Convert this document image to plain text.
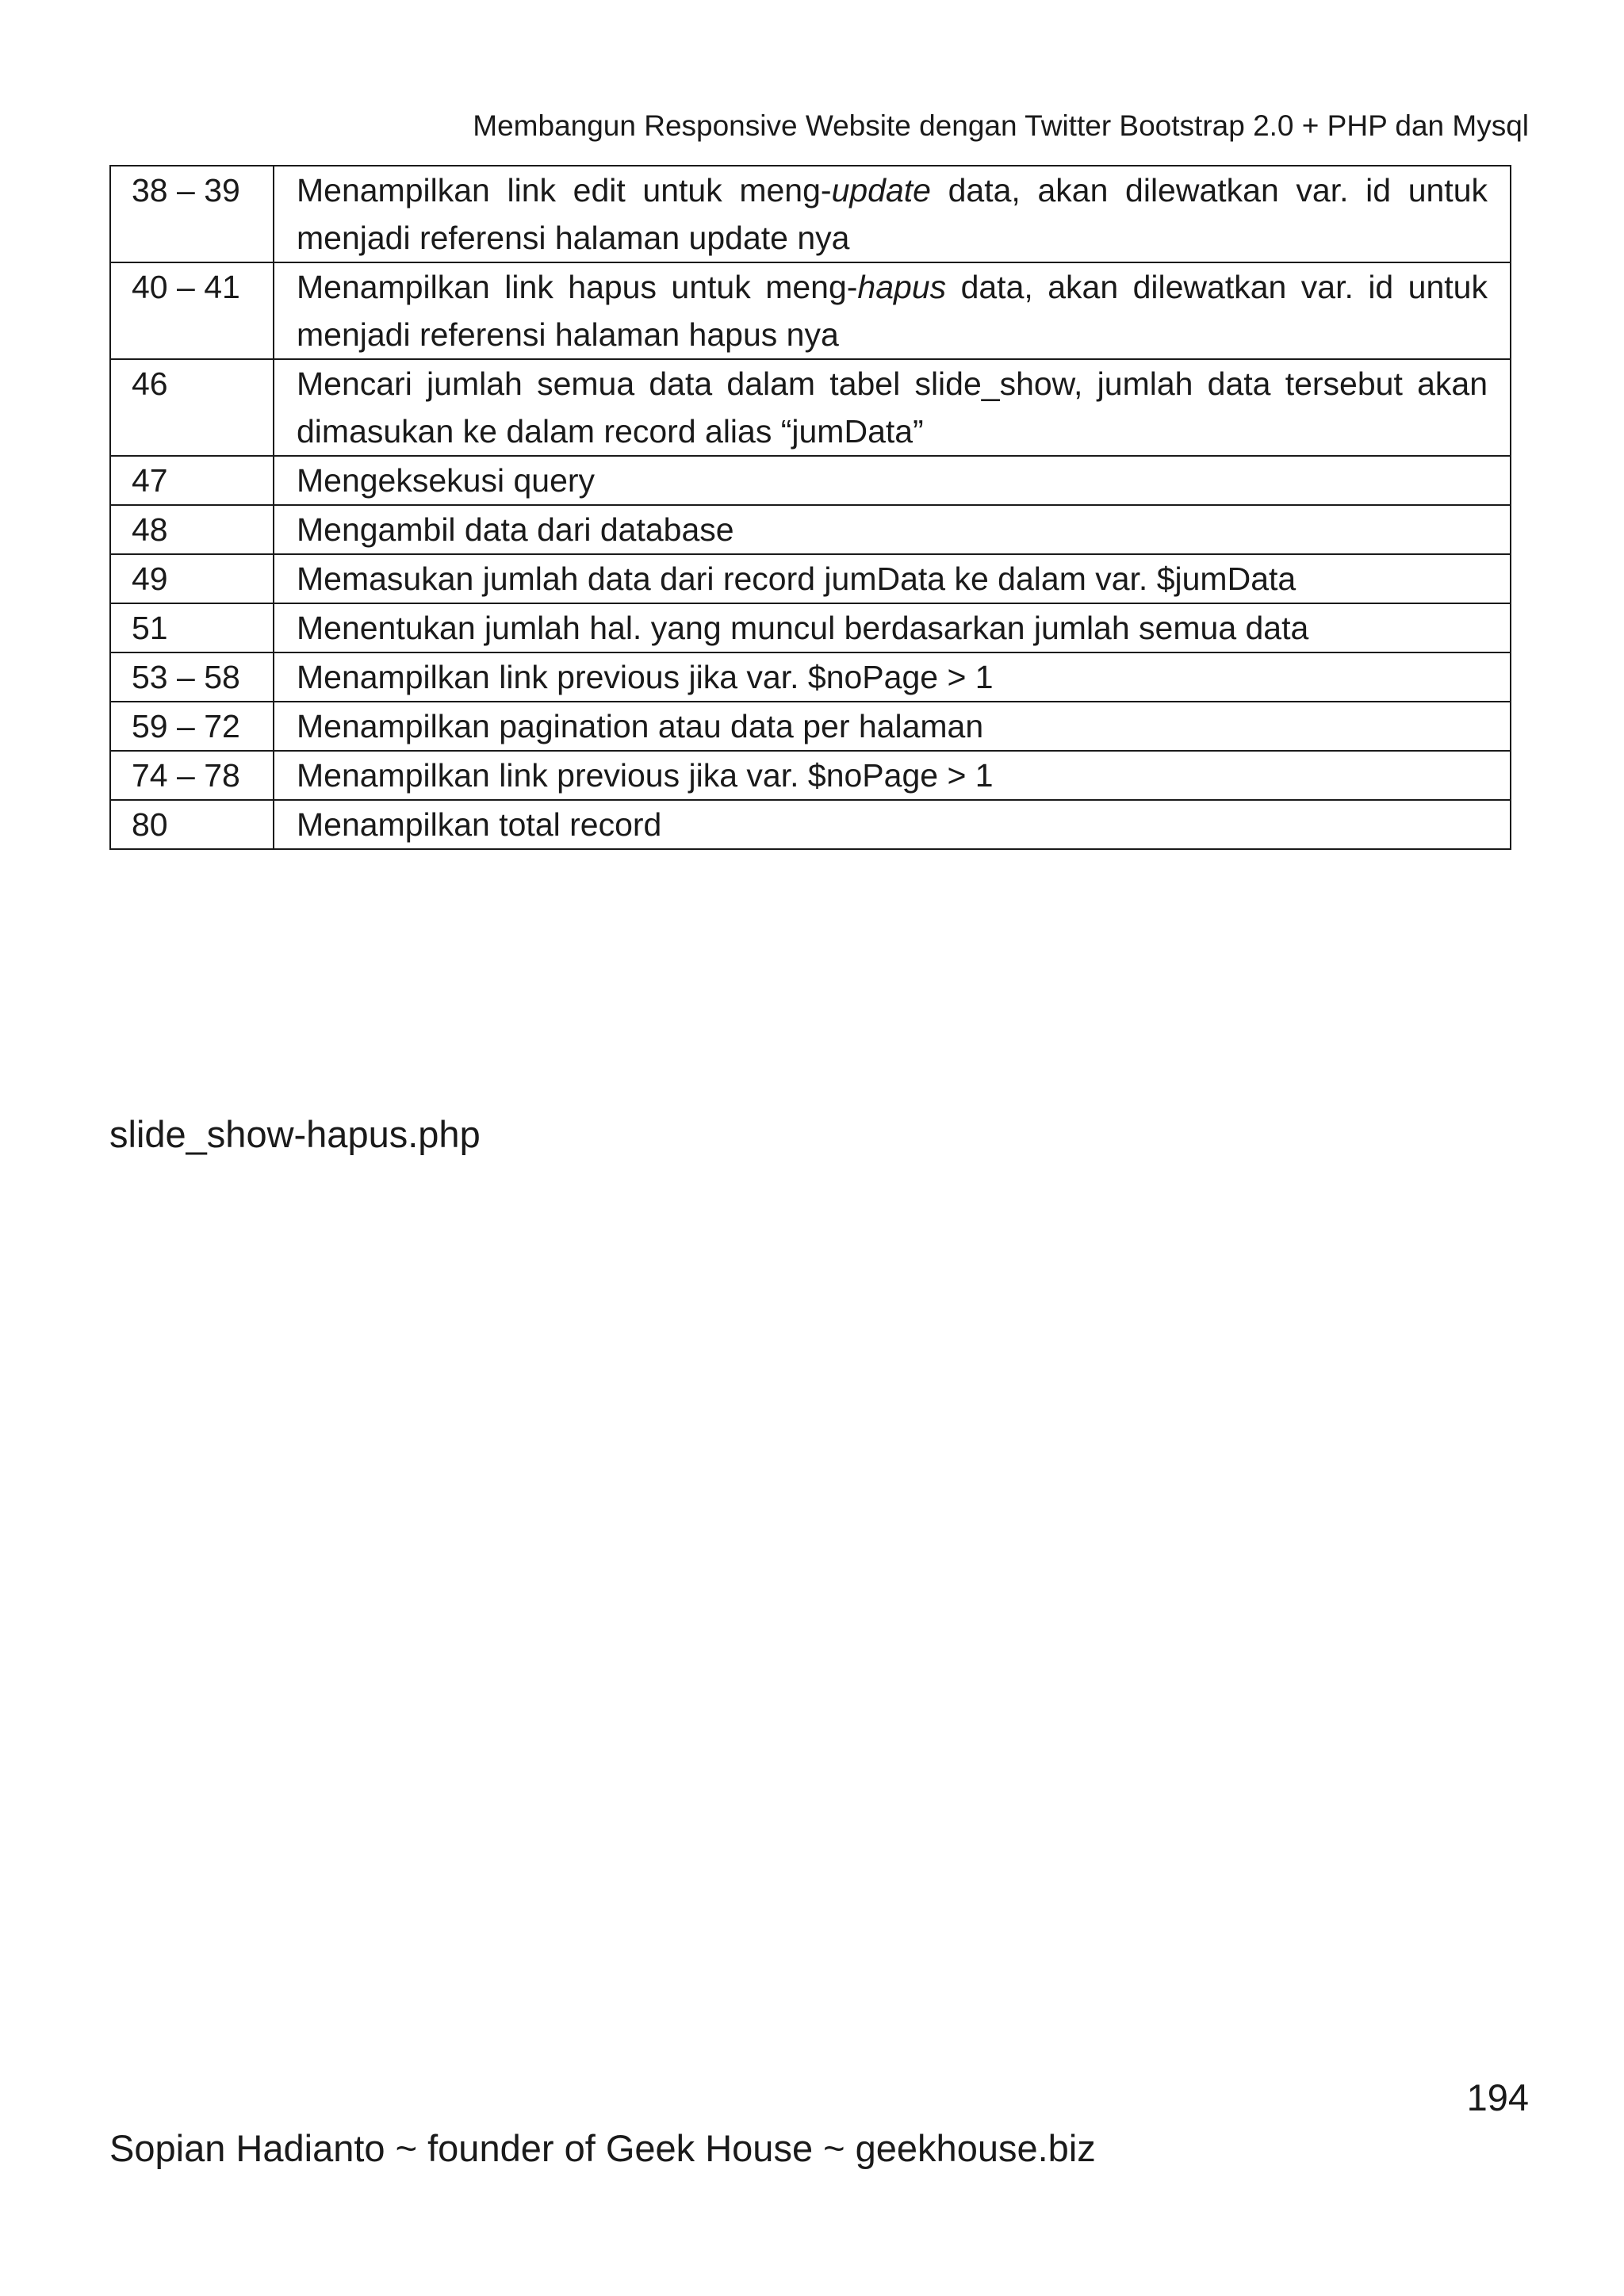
Membangun Responsive Website dengan Twitter Bootstrap 2.0 + PHP dan Mysql
38 – 39	Menampilkan link edit untuk meng-update data, akan dilewatkan var. id untuk menjadi referensi halaman update nya
40 – 41	Menampilkan link hapus untuk meng-hapus data, akan dilewatkan var. id untuk menjadi referensi halaman hapus nya
46	Mencari jumlah semua data dalam tabel slide_show, jumlah data tersebut akan dimasukan ke dalam record alias “jumData”
47	Mengeksekusi query
48	Mengambil data dari database
49	Memasukan jumlah data dari record jumData ke dalam var. $jumData
51	Menentukan jumlah hal. yang muncul berdasarkan jumlah semua data
53 – 58	Menampilkan link previous jika var. $noPage > 1
59 – 72	Menampilkan pagination atau data per halaman
74 – 78	Menampilkan link previous jika var. $noPage > 1
80	Menampilkan total record
slide_show-hapus.php
194
Sopian Hadianto ~ founder of Geek House ~ geekhouse.biz
